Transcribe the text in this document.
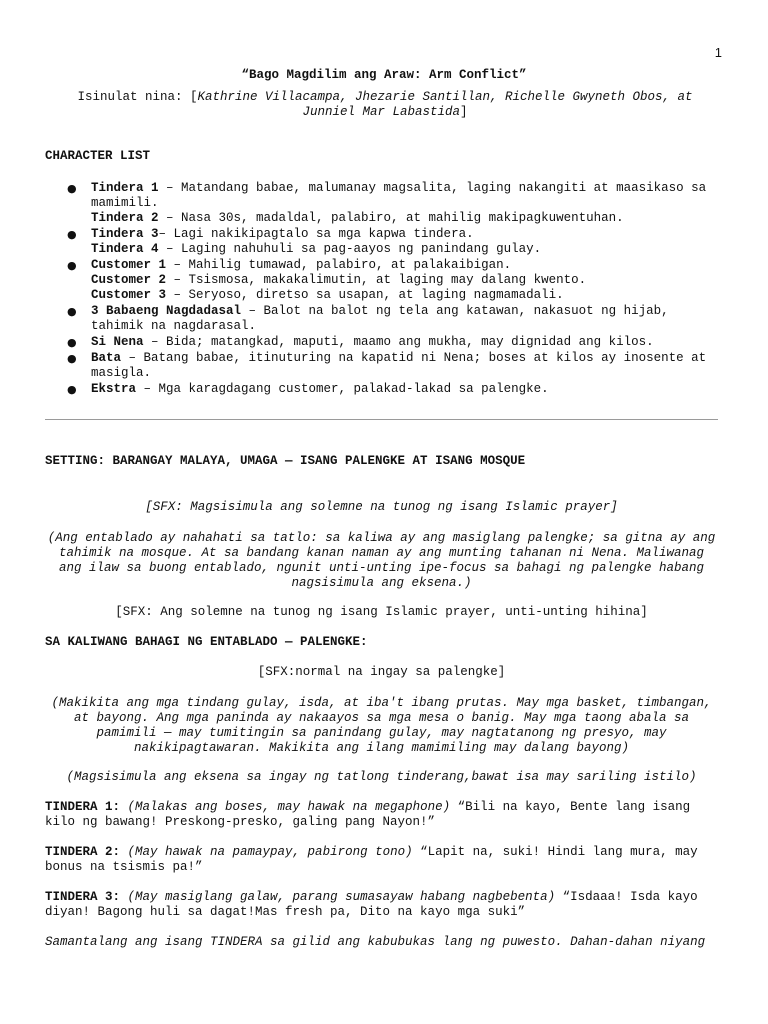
1
“Bago Magdilim ang Araw: Arm Conflict”
Isinulat nina: [Kathrine Villacampa, Jhezarie Santillan, Richelle Gwyneth Obos, at Junniel Mar Labastida]
CHARACTER LIST
● Tindera 1 – Matandang babae, malumanay magsalita, laging nakangiti at maasikaso sa mamimili.
Tindera 2 – Nasa 30s, madaldal, palabiro, at mahilig makipagkuwentuhan.
● Tindera 3– Lagi nakikipagtalo sa mga kapwa tindera.
Tindera 4 – Laging nahuhuli sa pag-aayos ng panindang gulay.
● Customer 1 – Mahilig tumawad, palabiro, at palakaibigan.
Customer 2 – Tsismosa, makakalimutin, at laging may dalang kwento.
Customer 3 – Seryoso, diretso sa usapan, at laging nagmamadali.
● 3 Babaeng Nagdadasal – Balot na balot ng tela ang katawan, nakasuot ng hijab, tahimik na nagdarasal.
● Si Nena – Bida; matangkad, maputi, maamo ang mukha, may dignidad ang kilos.
● Bata – Batang babae, itinuturing na kapatid ni Nena; boses at kilos ay inosente at masigla.
● Ekstra – Mga karagdagang customer, palakad-lakad sa palengke.
SETTING: BARANGAY MALAYA, UMAGA — ISANG PALENGKE AT ISANG MOSQUE
[SFX: Magsisimula ang solemne na tunog ng isang Islamic prayer]
(Ang entablado ay nahahati sa tatlo: sa kaliwa ay ang masiglang palengke; sa gitna ay ang tahimik na mosque. At sa bandang kanan naman ay ang munting tahanan ni Nena. Maliwanag ang ilaw sa buong entablado, ngunit unti-unting ipe-focus sa bahagi ng palengke habang nagsisimula ang eksena.)
[SFX: Ang solemne na tunog ng isang Islamic prayer, unti-unting hihina]
SA KALIWANG BAHAGI NG ENTABLADO — PALENGKE:
[SFX:normal na ingay sa palengke]
(Makikita ang mga tindang gulay, isda, at iba't ibang prutas. May mga basket, timbangan, at bayong. Ang mga paninda ay nakaayos sa mga mesa o banig. May mga taong abala sa pamimili — may tumitingin sa panindang gulay, may nagtatanong ng presyo, may nakikipagtawaran. Makikita ang ilang mamimiling may dalang bayong)
(Magsisimula ang eksena sa ingay ng tatlong tinderang,bawat isa may sariling istilo)
TINDERA 1: (Malakas ang boses, may hawak na megaphone) “Bili na kayo, Bente lang isang kilo ng bawang! Preskong-presko, galing pang Nayon!”
TINDERA 2: (May hawak na pamaypay, pabirong tono) “Lapit na, suki! Hindi lang mura, may bonus na tsismis pa!”
TINDERA 3: (May masiglang galaw, parang sumasayaw habang nagbebenta) “Isdaaa! Isda kayo diyan! Bagong huli sa dagat!Mas fresh pa, Dito na kayo mga suki”
Samantalang ang isang TINDERA sa gilid ang kabubukas lang ng puwesto. Dahan-dahan niyang
